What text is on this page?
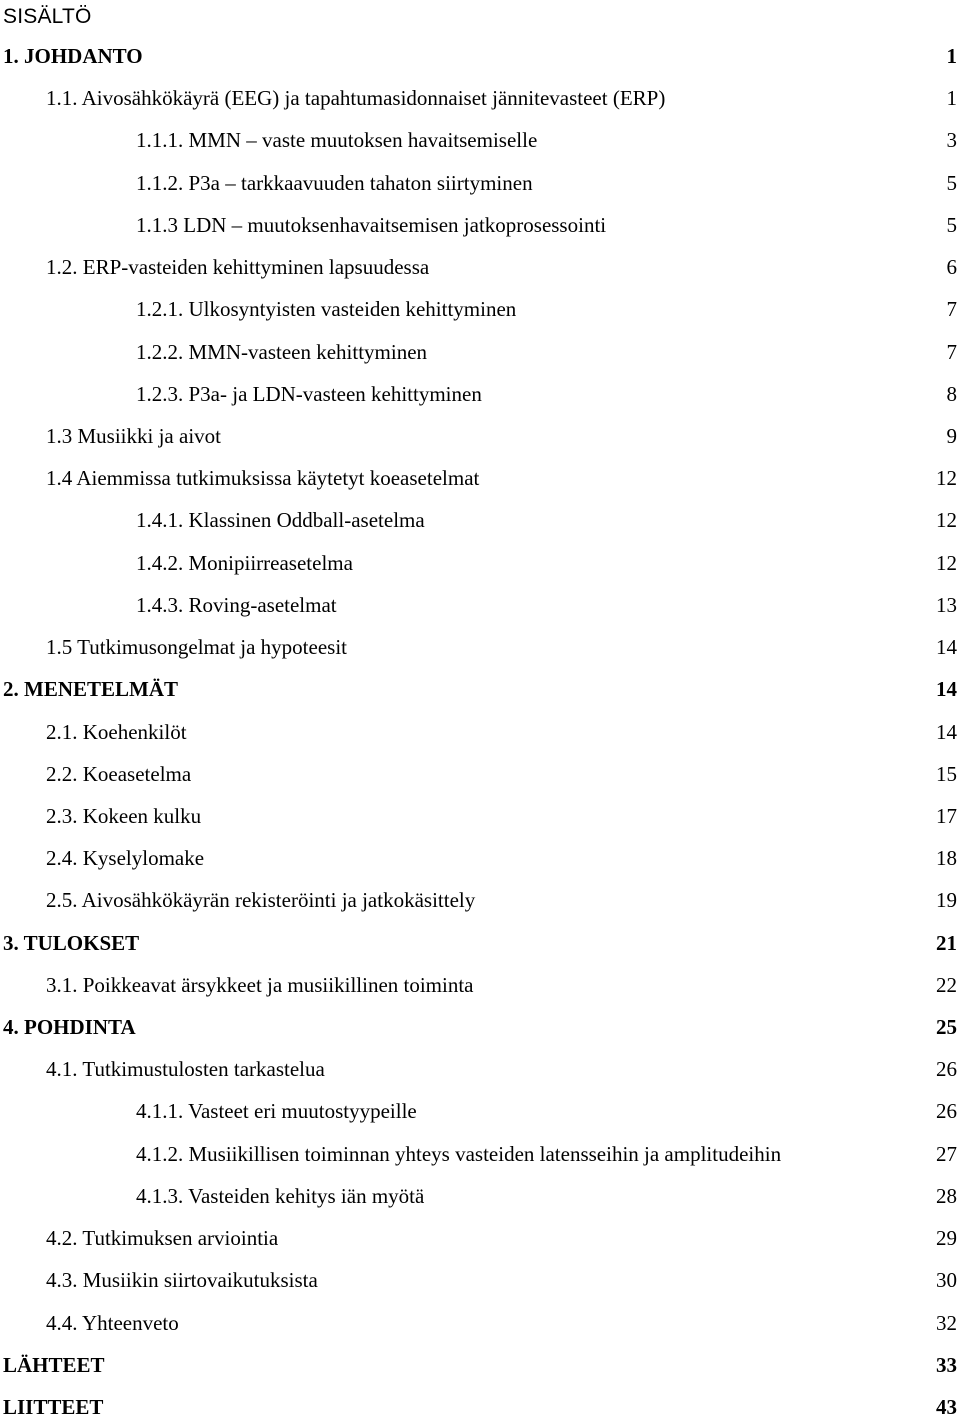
SISÄLTÖ
1. JOHDANTO	1
1.1. Aivosähkökäyrä (EEG) ja tapahtumasidonnaiset jännitevasteet (ERP)	1
1.1.1. MMN – vaste muutoksen havaitsemiselle	3
1.1.2. P3a – tarkkaavuuden tahaton siirtyminen	5
1.1.3 LDN – muutoksenhavaitsemisen jatkoprosessointi	5
1.2. ERP-vasteiden kehittyminen lapsuudessa	6
1.2.1. Ulkosyntyisten vasteiden kehittyminen	7
1.2.2. MMN-vasteen kehittyminen	7
1.2.3. P3a- ja LDN-vasteen kehittyminen	8
1.3 Musiikki ja aivot	9
1.4 Aiemmissa tutkimuksissa käytetyt koeasetelmat	12
1.4.1. Klassinen Oddball-asetelma	12
1.4.2. Monipiirreasetelma	12
1.4.3. Roving-asetelmat	13
1.5 Tutkimusongelmat ja hypoteesit	14
2. MENETELMÄT	14
2.1. Koehenkilöt	14
2.2. Koeasetelma	15
2.3. Kokeen kulku	17
2.4. Kyselylomake	18
2.5. Aivosähkökäyrän rekisteröinti ja jatkokäsittely	19
3. TULOKSET	21
3.1. Poikkeavat ärsykkeet ja musiikillinen toiminta	22
4. POHDINTA	25
4.1. Tutkimustulosten tarkastelua	26
4.1.1. Vasteet eri muutostyypeille	26
4.1.2. Musiikillisen toiminnan yhteys vasteiden latensseihin ja amplitudeihin	27
4.1.3. Vasteiden kehitys iän myötä	28
4.2. Tutkimuksen arviointia	29
4.3. Musiikin siirtovaikutuksista	30
4.4. Yhteenveto	32
LÄHTEET	33
LIITTEET	43
